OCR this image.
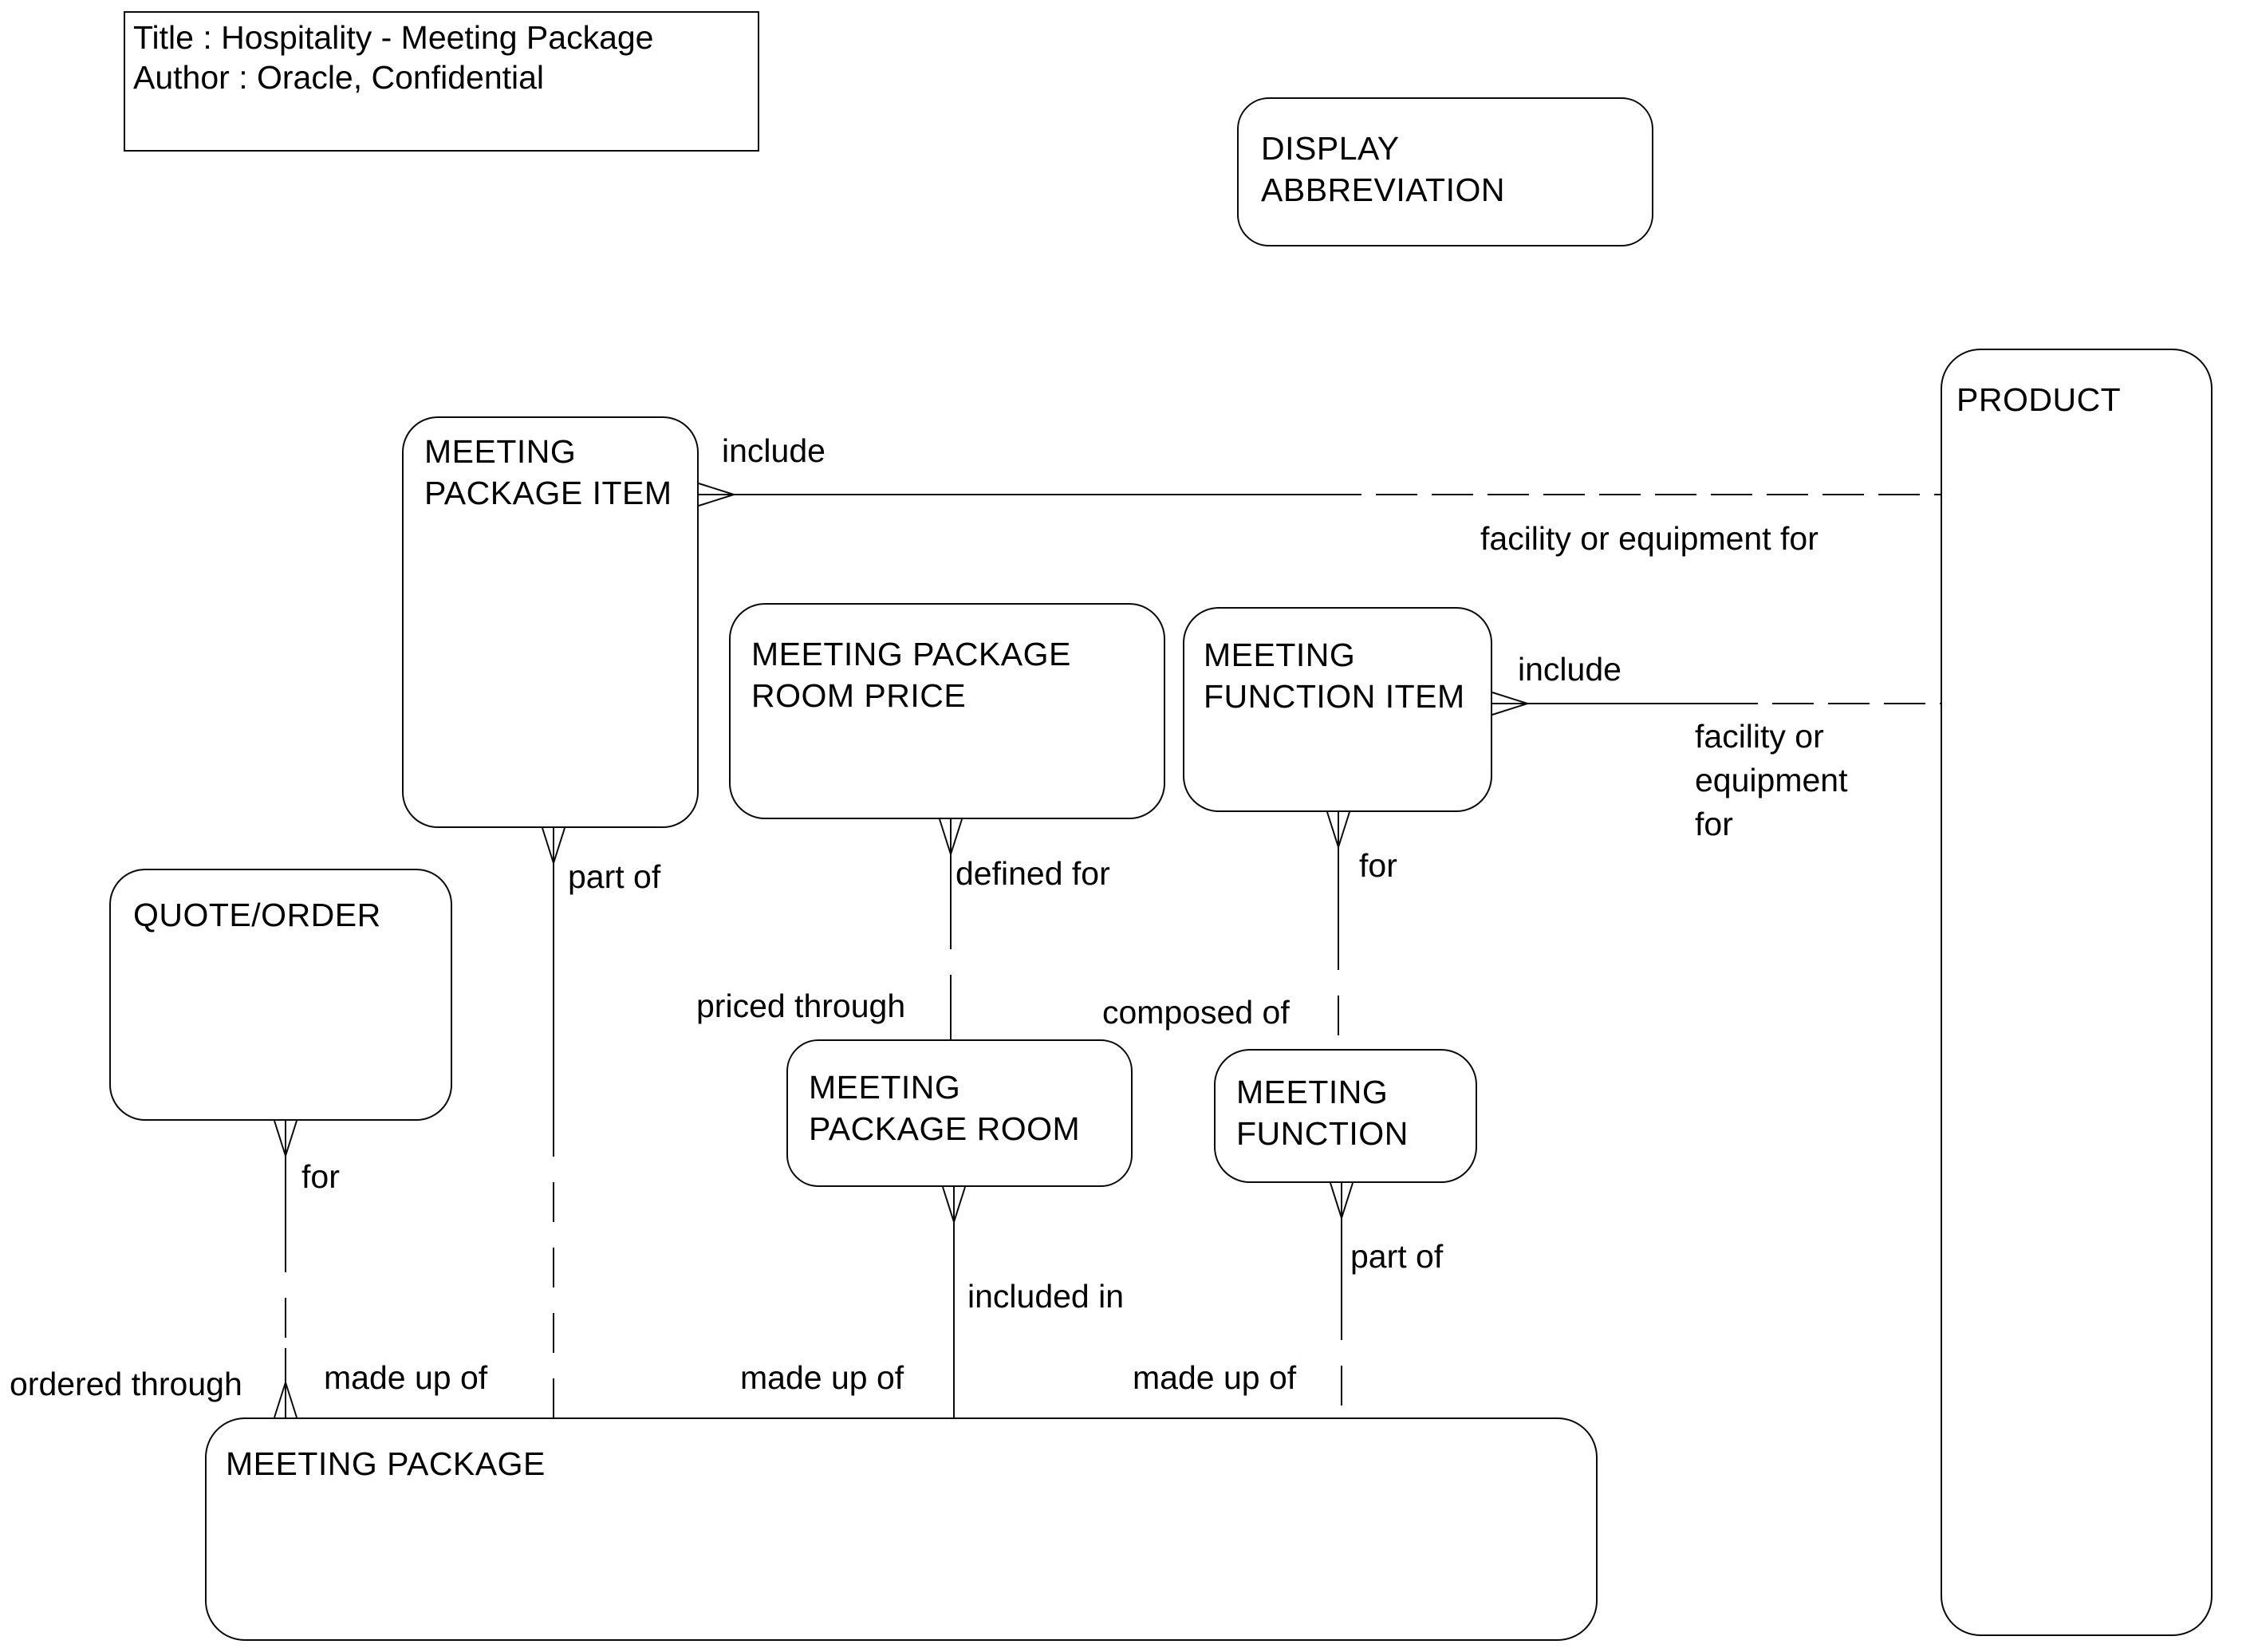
Title : Hospitality - Meeting Package
Author : Oracle, Confidential
DISPLAY
ABBREVIATION
MEETING
PACKAGE ITEM
MEETING PACKAGE
ROOM PRICE
MEETING
FUNCTION ITEM
PRODUCT
QUOTE/ORDER
MEETING
PACKAGE ROOM
MEETING
FUNCTION
MEETING PACKAGE
include
facility or equipment for
include
facility or equipment for
part of	defined for	for
priced through	composed of
for
included in
part of
ordered through made up of	made up of	made up of
